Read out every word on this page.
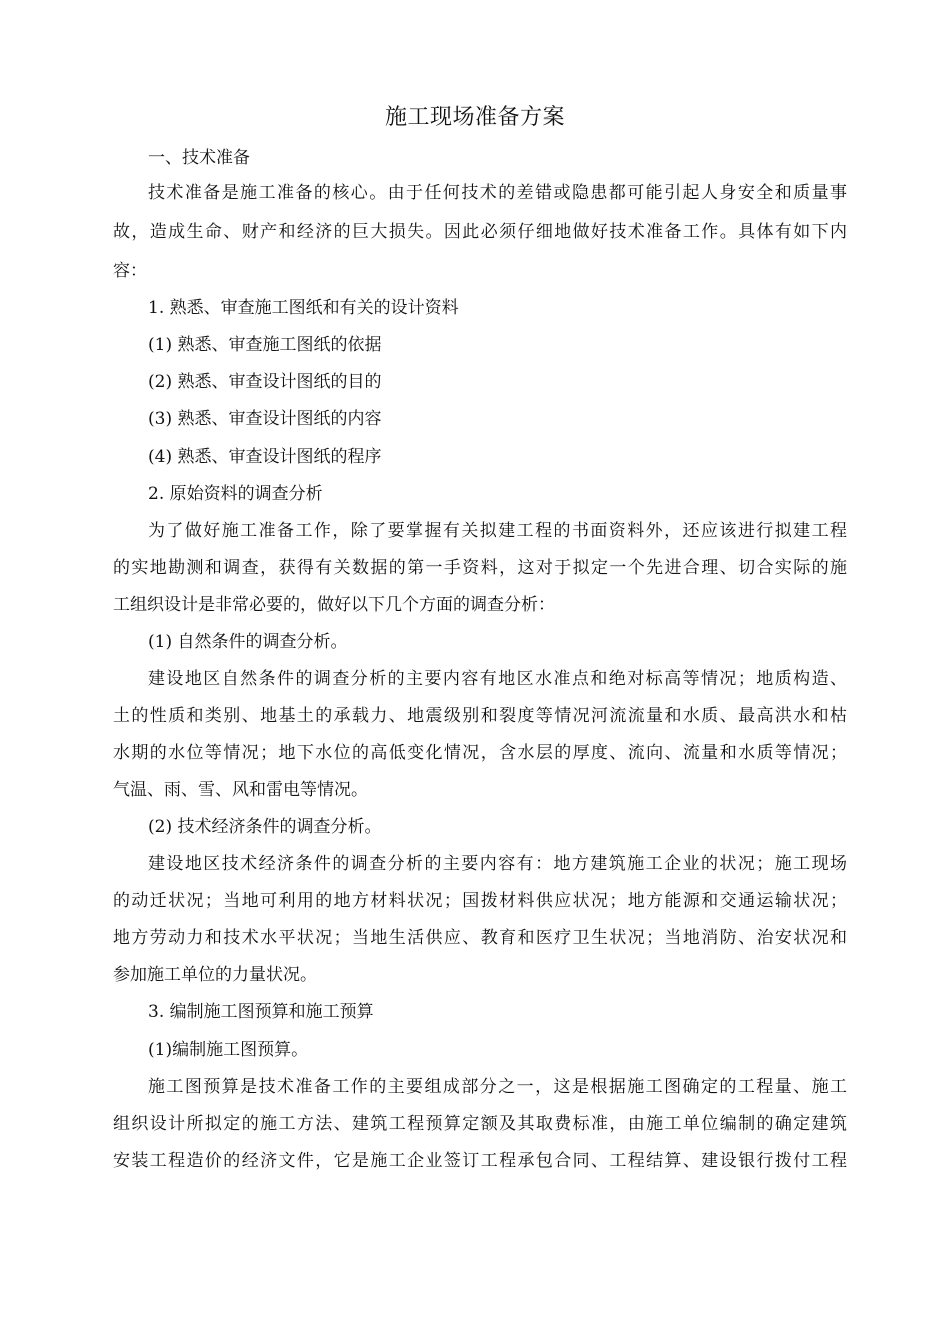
施工现场准备方案
一、技术准备
技术准备是施工准备的核心。由于任何技术的差错或隐患都可能引起人身安全和质量事
故，造成生命、财产和经济的巨大损失。因此必须仔细地做好技术准备工作。具体有如下内
容：
1. 熟悉、审查施工图纸和有关的设计资料
(1) 熟悉、审查施工图纸的依据
(2) 熟悉、审查设计图纸的目的
(3) 熟悉、审查设计图纸的内容
(4) 熟悉、审查设计图纸的程序
2. 原始资料的调查分析
为了做好施工准备工作，除了要掌握有关拟建工程的书面资料外，还应该进行拟建工程
的实地勘测和调查，获得有关数据的第一手资料，这对于拟定一个先进合理、切合实际的施
工组织设计是非常必要的，做好以下几个方面的调查分析：
(1) 自然条件的调查分析。
建设地区自然条件的调查分析的主要内容有地区水准点和绝对标高等情况；地质构造、
土的性质和类别、地基土的承载力、地震级别和裂度等情况河流流量和水质、最高洪水和枯
水期的水位等情况；地下水位的高低变化情况，含水层的厚度、流向、流量和水质等情况；
气温、雨、雪、风和雷电等情况。
(2) 技术经济条件的调查分析。
建设地区技术经济条件的调查分析的主要内容有：地方建筑施工企业的状况；施工现场
的动迁状况；当地可利用的地方材料状况；国拨材料供应状况；地方能源和交通运输状况；
地方劳动力和技术水平状况；当地生活供应、教育和医疗卫生状况；当地消防、治安状况和
参加施工单位的力量状况。
3. 编制施工图预算和施工预算
(1)编制施工图预算。
施工图预算是技术准备工作的主要组成部分之一，这是根据施工图确定的工程量、施工
组织设计所拟定的施工方法、建筑工程预算定额及其取费标准，由施工单位编制的确定建筑
安装工程造价的经济文件，它是施工企业签订工程承包合同、工程结算、建设银行拨付工程
